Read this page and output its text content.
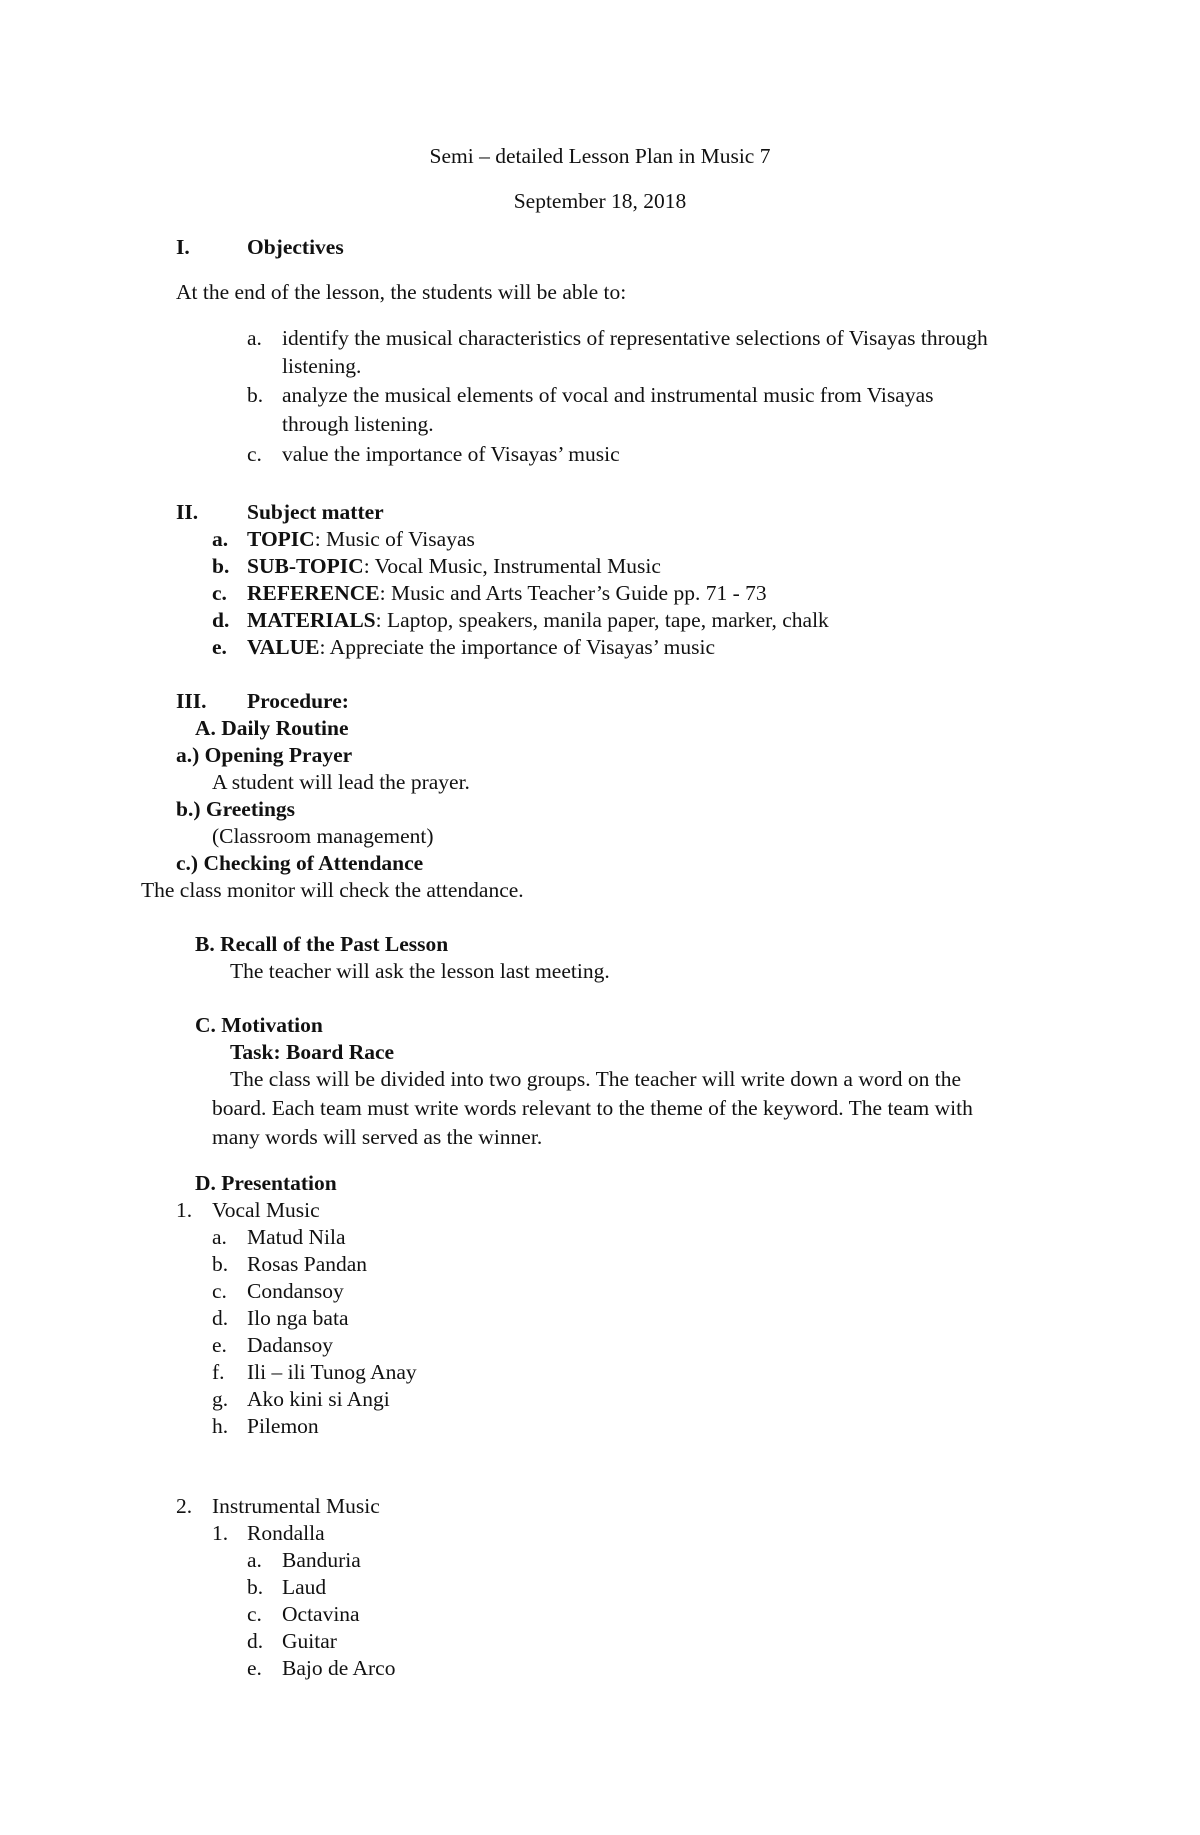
Semi – detailed Lesson Plan in Music 7
September 18, 2018
I.	Objectives
At the end of the lesson, the students will be able to:
a. identify the musical characteristics of representative selections of Visayas through
listening.
b. analyze the musical elements of vocal and instrumental music from Visayas
through listening.
c. value the importance of Visayas’ music
II. Subject matter
a. TOPIC: Music of Visayas
b. SUB-TOPIC: Vocal Music, Instrumental Music
c. REFERENCE: Music and Arts Teacher’s Guide pp. 71 - 73
d. MATERIALS: Laptop, speakers, manila paper, tape, marker, chalk
e. VALUE: Appreciate the importance of Visayas’ music
III. Procedure:
A. Daily Routine
a.) Opening Prayer
A student will lead the prayer.
b.) Greetings
(Classroom management)
c.) Checking of Attendance
The class monitor will check the attendance.
B. Recall of the Past Lesson
The teacher will ask the lesson last meeting.
C. Motivation
Task: Board Race
The class will be divided into two groups. The teacher will write down a word on the
board. Each team must write words relevant to the theme of the keyword. The team with
many words will served as the winner.
D. Presentation
1. Vocal Music
a. Matud Nila
b. Rosas Pandan
c. Condansoy
d. Ilo nga bata
e. Dadansoy
f. Ili – ili Tunog Anay
g. Ako kini si Angi
h. Pilemon
2. Instrumental Music
1. Rondalla
a. Banduria
b. Laud
c. Octavina
d. Guitar
e. Bajo de Arco
